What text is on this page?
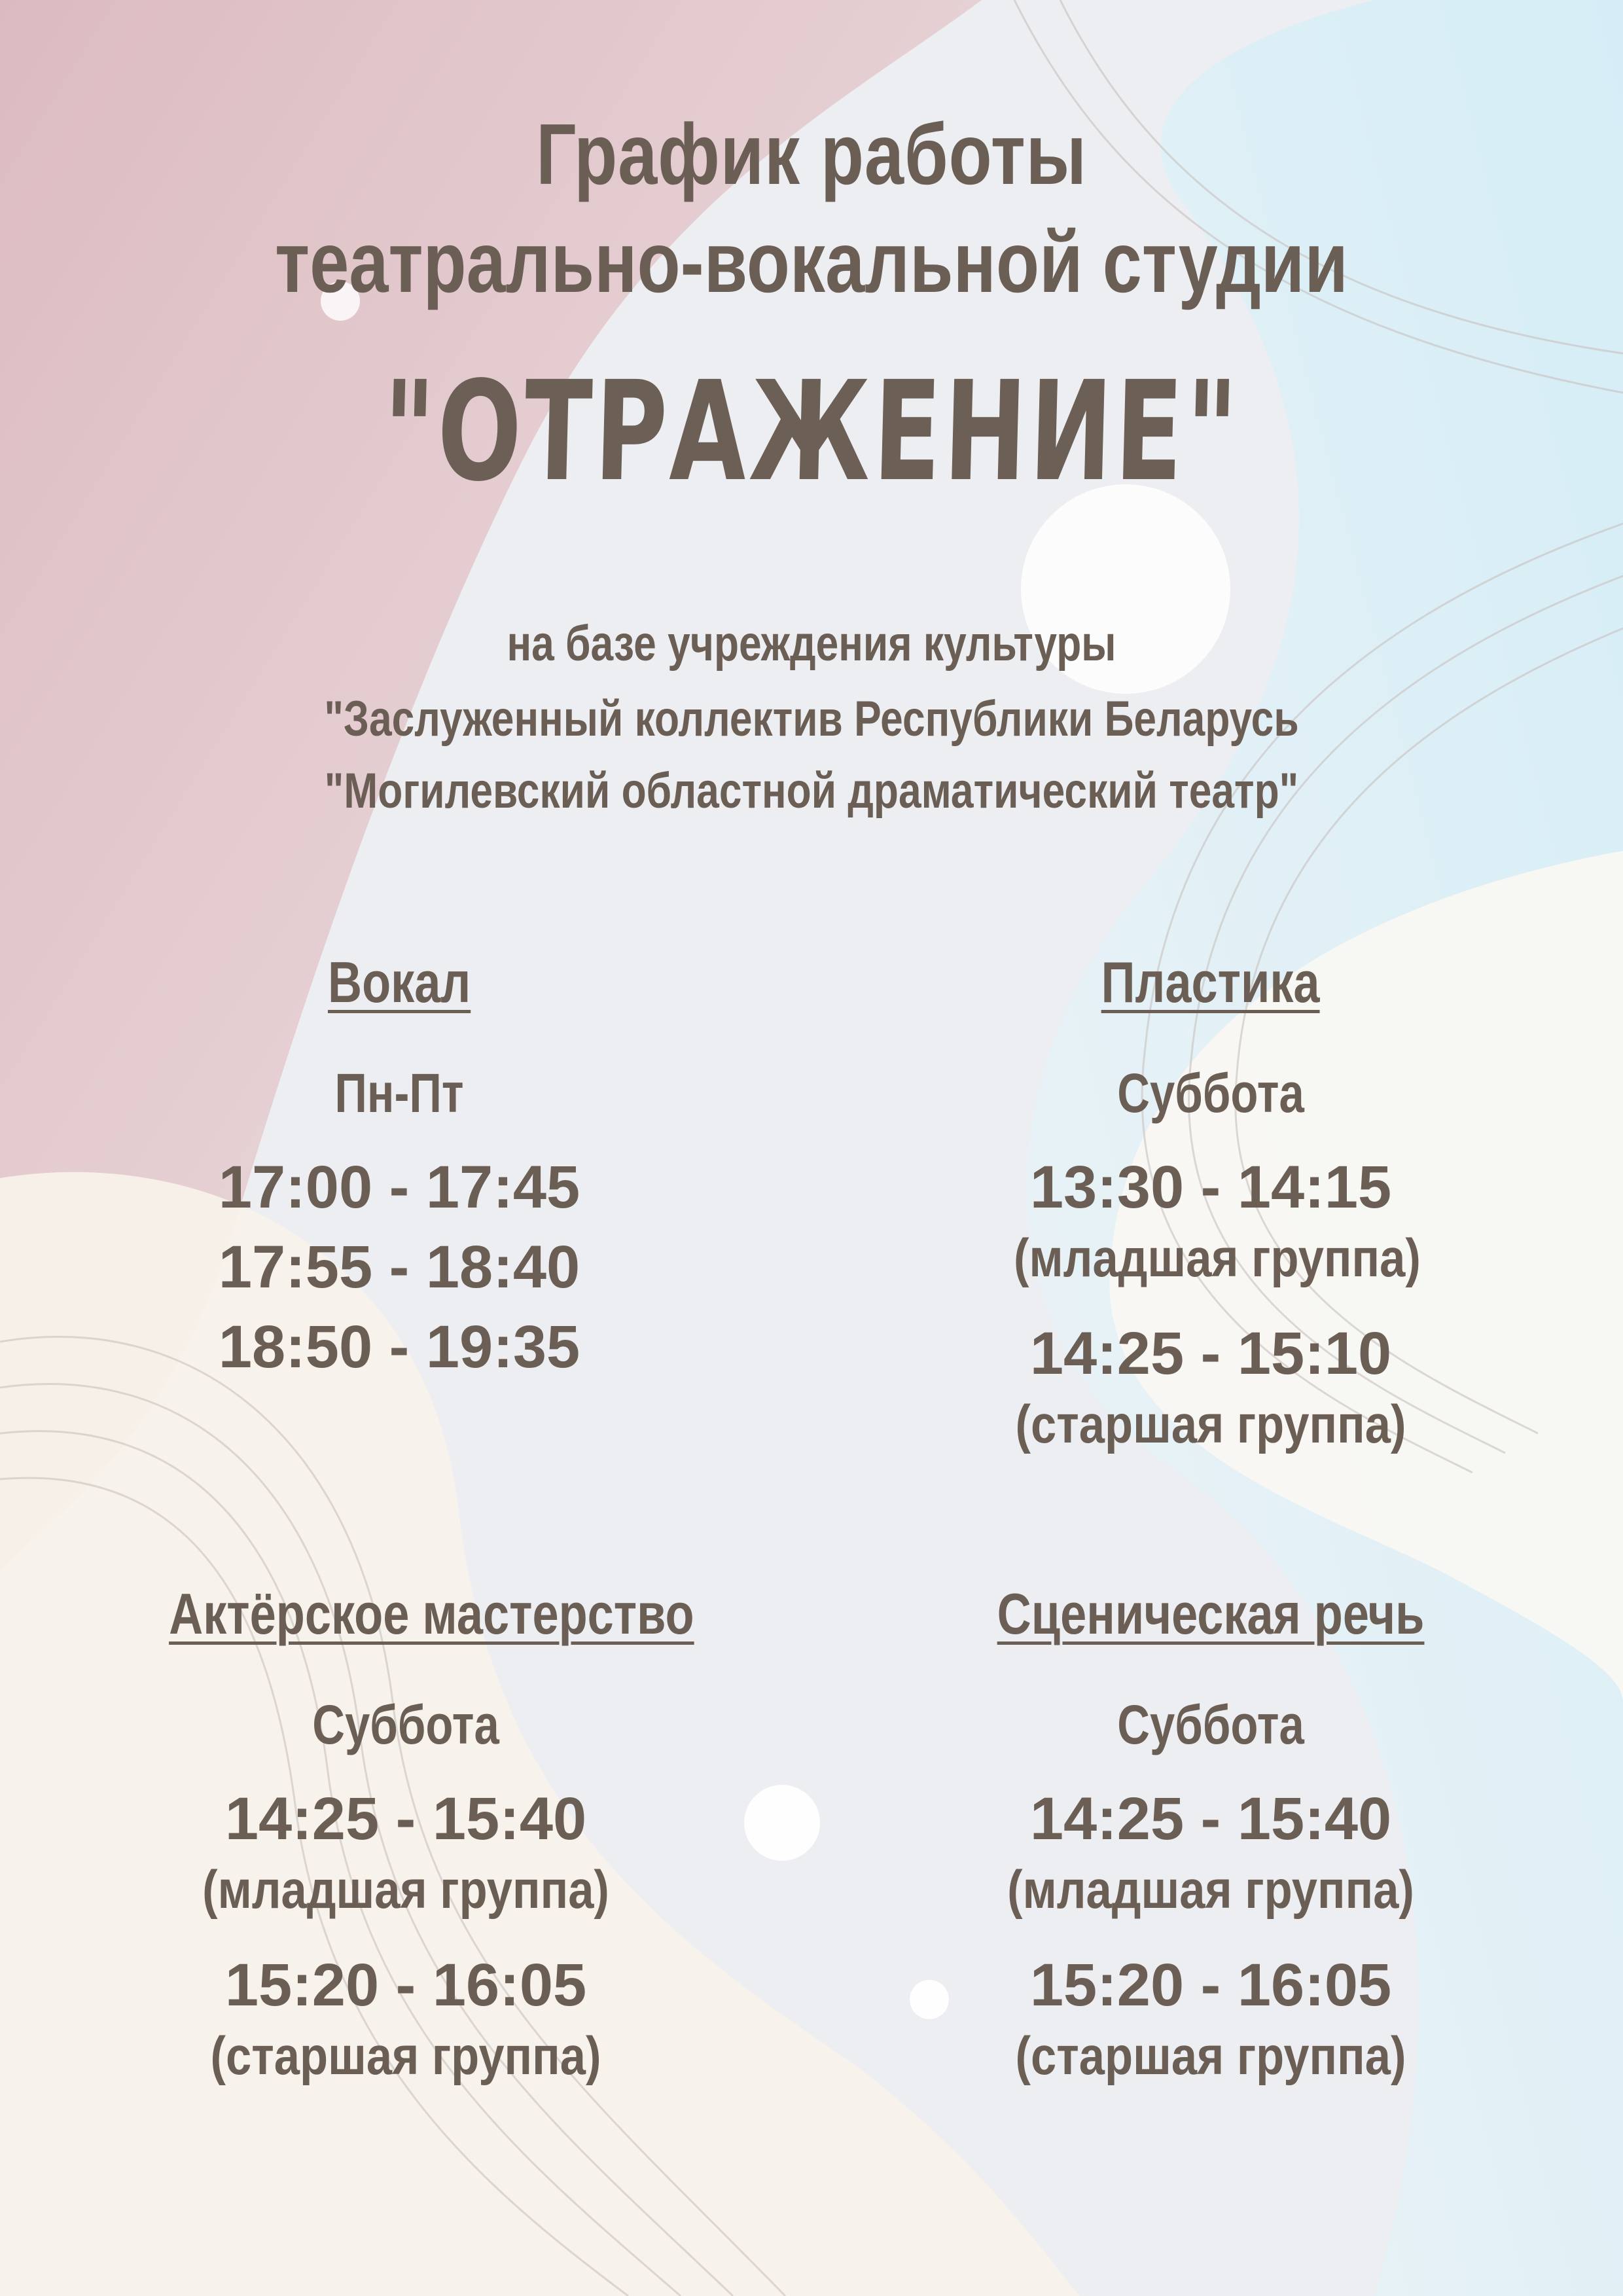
График работы
театрально-вокальной студии
"ОТРАЖЕНИЕ"
на базе учреждения культуры
"Заслуженный коллектив Республики Беларусь
"Могилевский областной драматический театр"
Вокал
Пн-Пт
17:00 - 17:45
17:55 - 18:40
18:50 - 19:35
Пластика
Суббота
13:30 - 14:15
(младшая группа)
14:25 - 15:10
(старшая группа)
Актёрское мастерство
Суббота
14:25 - 15:40
(младшая группа)
15:20 - 16:05
(старшая группа)
Сценическая речь
Суббота
14:25 - 15:40
(младшая группа)
15:20 - 16:05
(старшая группа)
